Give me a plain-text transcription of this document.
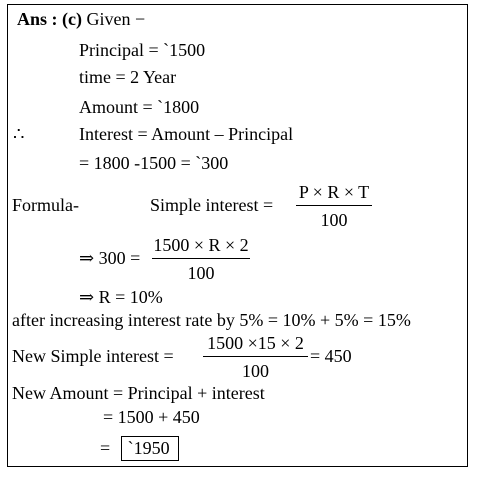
Ans : (c) Given −
Principal = `1500
time = 2 Year
Amount = `1800
∴	Interest = Amount – Principal
= 1800 -1500 = `300
Formula-	Simple interest =
P × R × T
100
⇒ 300 =
1500 × R × 2
100
⇒ R = 10%
after increasing interest rate by 5% = 10% + 5% = 15%
New Simple interest =
1500 ×15 × 2
100
= 450
New Amount = Principal + interest
= 1500 + 450
= `1950
